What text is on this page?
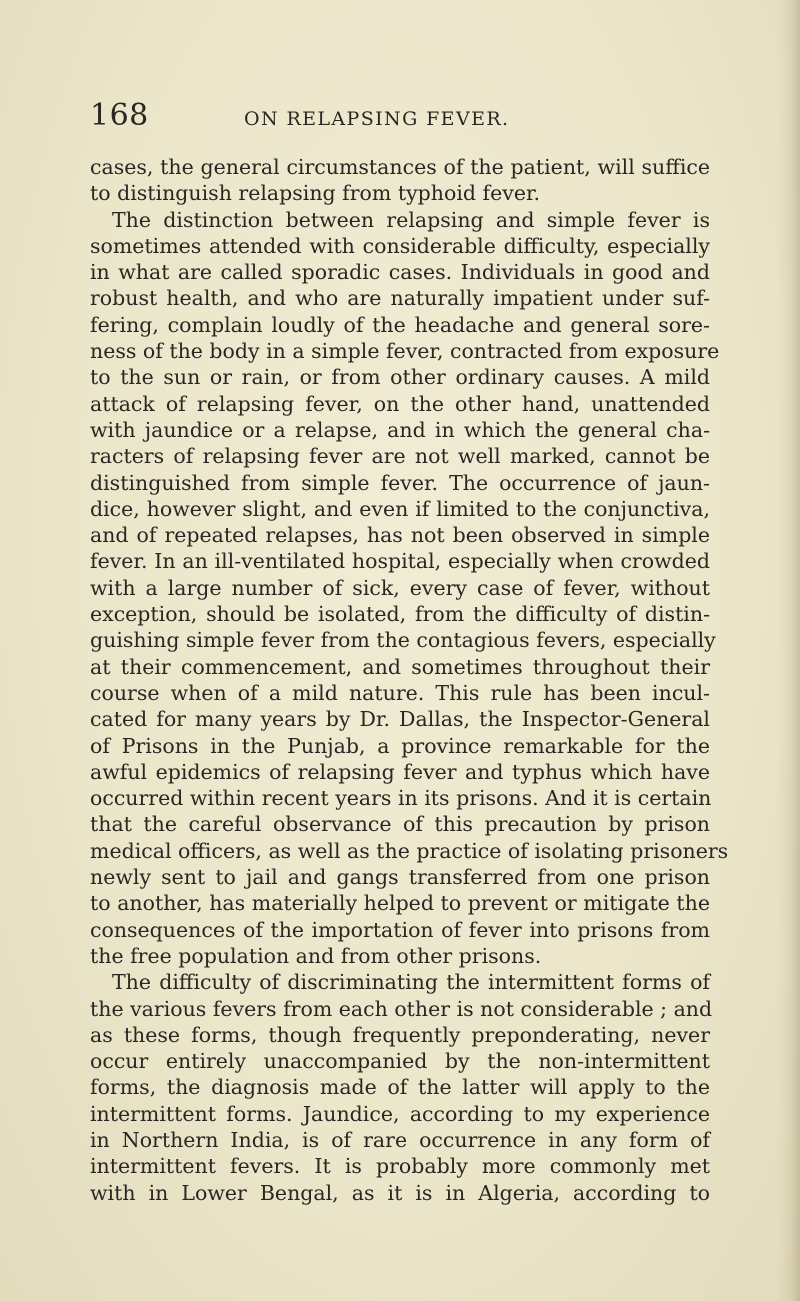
168	ON RELAPSING FEVER.
cases, the general circumstances of the patient, will suffice
to distinguish relapsing from typhoid fever.
The distinction between relapsing and simple fever is
sometimes attended with considerable difficulty, especially
in what are called sporadic cases. Individuals in good and
robust health, and who are naturally impatient under suf-
fering, complain loudly of the headache and general sore-
ness of the body in a simple fever, contracted from exposure
to the sun or rain, or from other ordinary causes. A mild
attack of relapsing fever, on the other hand, unattended
with jaundice or a relapse, and in which the general cha-
racters of relapsing fever are not well marked, cannot be
distinguished from simple fever. The occurrence of jaun-
dice, however slight, and even if limited to the conjunctiva,
and of repeated relapses, has not been observed in simple
fever. In an ill-ventilated hospital, especially when crowded
with a large number of sick, every case of fever, without
exception, should be isolated, from the difficulty of distin-
guishing simple fever from the contagious fevers, especially
at their commencement, and sometimes throughout their
course when of a mild nature. This rule has been incul-
cated for many years by Dr. Dallas, the Inspector-General
of Prisons in the Punjab, a province remarkable for the
awful epidemics of relapsing fever and typhus which have
occurred within recent years in its prisons. And it is certain
that the careful observance of this precaution by prison
medical officers, as well as the practice of isolating prisoners
newly sent to jail and gangs transferred from one prison
to another, has materially helped to prevent or mitigate the
consequences of the importation of fever into prisons from
the free population and from other prisons.
The difficulty of discriminating the intermittent forms of
the various fevers from each other is not considerable ; and
as these forms, though frequently preponderating, never
occur entirely unaccompanied by the non-intermittent
forms, the diagnosis made of the latter will apply to the
intermittent forms. Jaundice, according to my experience
in Northern India, is of rare occurrence in any form of
intermittent fevers. It is probably more commonly met
with in Lower Bengal, as it is in Algeria, according to
